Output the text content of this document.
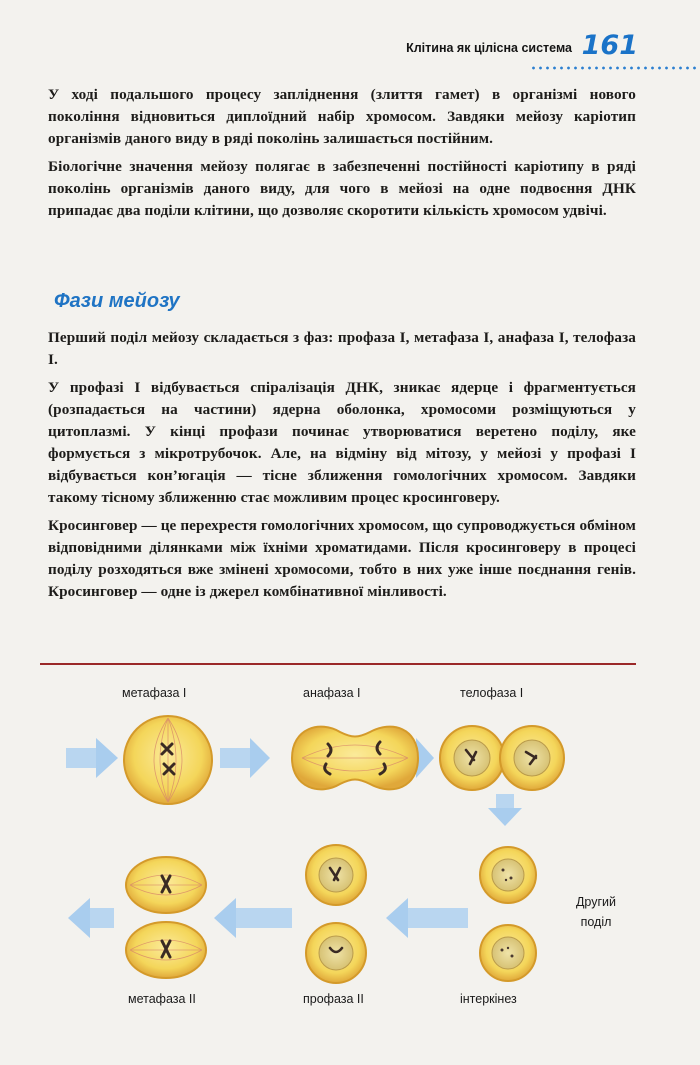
Клітина як цілісна система 161

У ході подальшого процесу запліднення (злиття гамет) в організмі нового покоління відновиться диплоїдний набір хромосом. Завдяки мейозу каріотип організмів даного виду в ряді поколінь залишається постійним.

Біологічне значення мейозу полягає в забезпеченні постійності каріотипу в ряді поколінь організмів даного виду, для чого в мейозі на одне подвоєння ДНК припадає два поділи клітини, що дозволяє скоротити кількість хромосом удвічі.

Фази мейозу

Перший поділ мейозу складається з фаз: профаза І, метафаза І, анафаза І, телофаза І.

У профазі І відбувається спіралізація ДНК, зникає ядерце і фрагментується (розпадається на частини) ядерна оболонка, хромосоми розміщуються у цитоплазмі. У кінці профази починає утворюватися веретено поділу, яке формується з мікротрубочок. Але, на відміну від мітозу, у мейозі у профазі І відбувається кон’югація — тісне зближення гомологічних хромосом. Завдяки такому тісному зближенню стає можливим процес кросинговеру.

Кросинговер — це перехрестя гомологічних хромосом, що супроводжується обміном відповідними ділянками між їхніми хроматидами. Після кросинговеру в процесі поділу розходяться вже змінені хромосоми, тобто в них уже інше поєднання генів. Кросинговер — одне із джерел комбінативної мінливості.

метафаза І	анафаза І	телофаза І
метафаза ІІ	профаза ІІ	інтеркінез
Другий поділ
